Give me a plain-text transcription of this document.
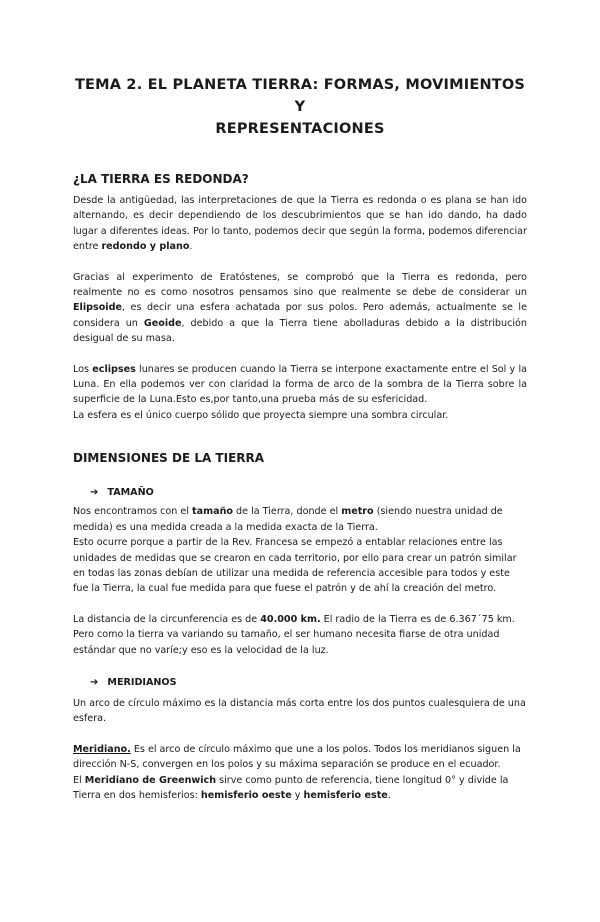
TEMA 2. EL PLANETA TIERRA: FORMAS, MOVIMIENTOS Y
REPRESENTACIONES
¿LA TIERRA ES REDONDA?

Desde la antigüedad, las interpretaciones de que la Tierra es redonda o es plana se han ido alternando, es decir dependiendo de los descubrimientos que se han ido dando, ha dado lugar a diferentes ideas. Por lo tanto, podemos decir que según la forma, podemos diferenciar entre redondo y plano.

Gracias al experimento de Eratóstenes, se comprobó que la Tierra es redonda, pero realmente no es como nosotros pensamos sino que realmente se debe de considerar un Elipsoide, es decir una esfera achatada por sus polos. Pero además, actualmente se le considera un Geoide, debido a que la Tierra tiene abolladuras debido a la distribución desigual de su masa.

Los eclipses lunares se producen cuando la Tierra se interpone exactamente entre el Sol y la Luna. En ella podemos ver con claridad la forma de arco de la sombra de la Tierra sobre la superficie de la Luna.Esto es,por tanto,una prueba más de su esfericidad.

La esfera es el único cuerpo sólido que proyecta siempre una sombra circular.

DIMENSIONES DE LA TIERRA
➔ TAMAÑO

Nos encontramos con el tamaño de la Tierra, donde el metro (siendo nuestra unidad de medida) es una medida creada a la medida exacta de la Tierra.

Esto ocurre porque a partir de la Rev. Francesa se empezó a entablar relaciones entre las unidades de medidas que se crearon en cada territorio, por ello para crear un patrón similar en todas las zonas debían de utilizar una medida de referencia accesible para todos y este fue la Tierra, la cual fue medida para que fuese el patrón y de ahí la creación del metro.

La distancia de la circunferencia es de 40.000 km. El radio de la Tierra es de 6.367´75 km. Pero como la tierra va variando su tamaño, el ser humano necesita fiarse de otra unidad estándar que no varíe;y eso es la velocidad de la luz.

➔ MERIDIANOS

Un arco de círculo máximo es la distancia más corta entre los dos puntos cualesquiera de una esfera.

Meridiano. Es el arco de círculo máximo que une a los polos. Todos los meridianos siguen la dirección N-S, convergen en los polos y su máxima separación se produce en el ecuador.

El Meridiano de Greenwich sirve como punto de referencia, tiene longitud 0° y divide la Tierra en dos hemisferios: hemisferio oeste y hemisferio este.
